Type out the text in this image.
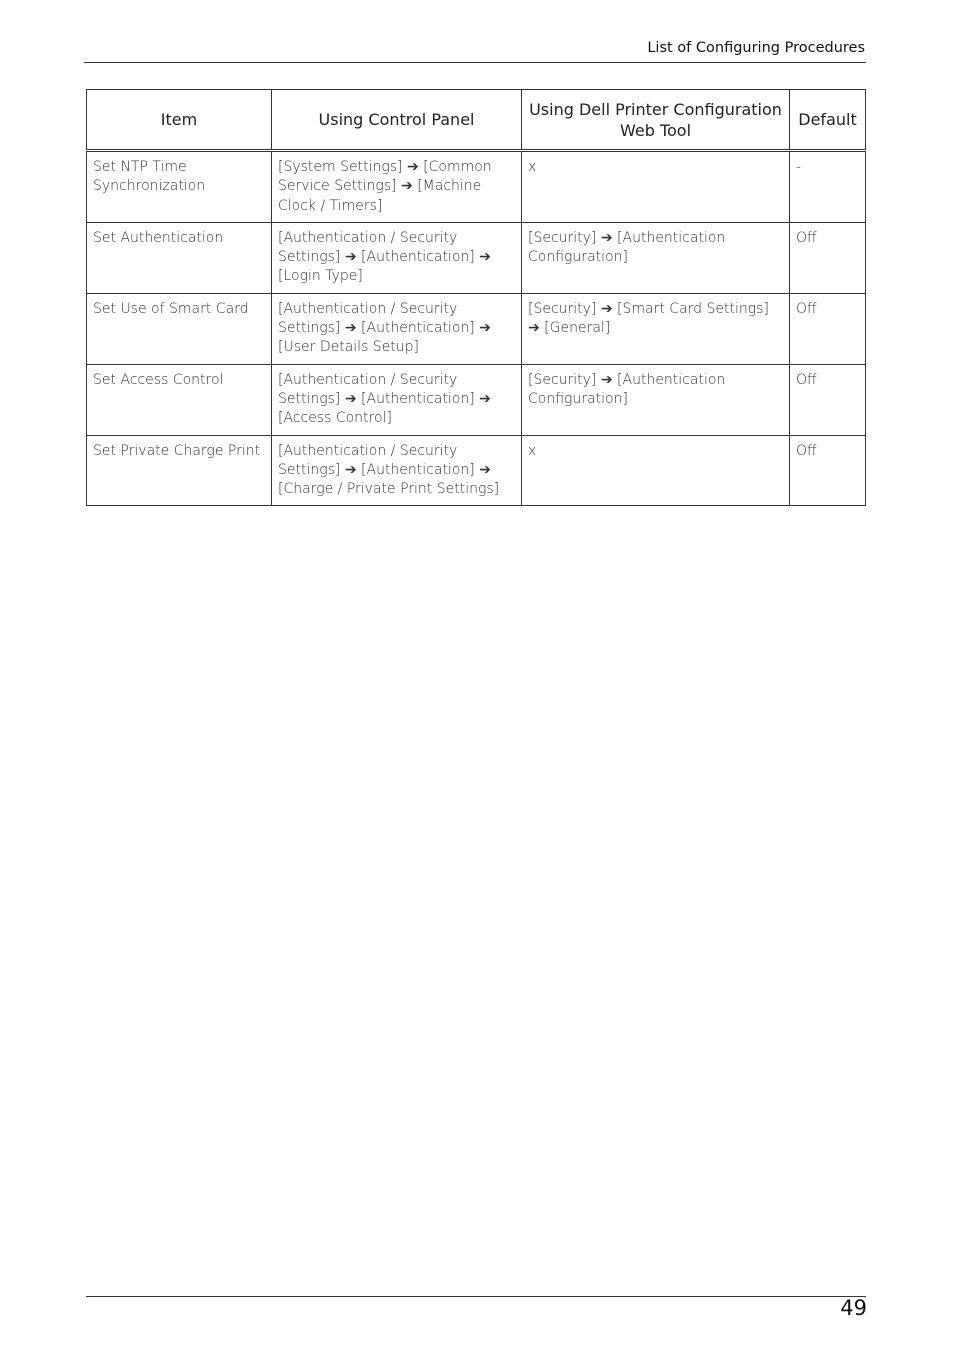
List of Configuring Procedures
Item	Using Control Panel	Using Dell Printer Configuration Web Tool	Default
Set NTP Time Synchronization	[System Settings] ➔ [Common Service Settings] ➔ [Machine Clock / Timers]	x	-
Set Authentication	[Authentication / Security Settings] ➔ [Authentication] ➔ [Login Type]	[Security] ➔ [Authentication Configuration]	Off
Set Use of Smart Card	[Authentication / Security Settings] ➔ [Authentication] ➔ [User Details Setup]	[Security] ➔ [Smart Card Settings] ➔ [General]	Off
Set Access Control	[Authentication / Security Settings] ➔ [Authentication] ➔ [Access Control]	[Security] ➔ [Authentication Configuration]	Off
Set Private Charge Print	[Authentication / Security Settings] ➔ [Authentication] ➔ [Charge / Private Print Settings]	x	Off
49
